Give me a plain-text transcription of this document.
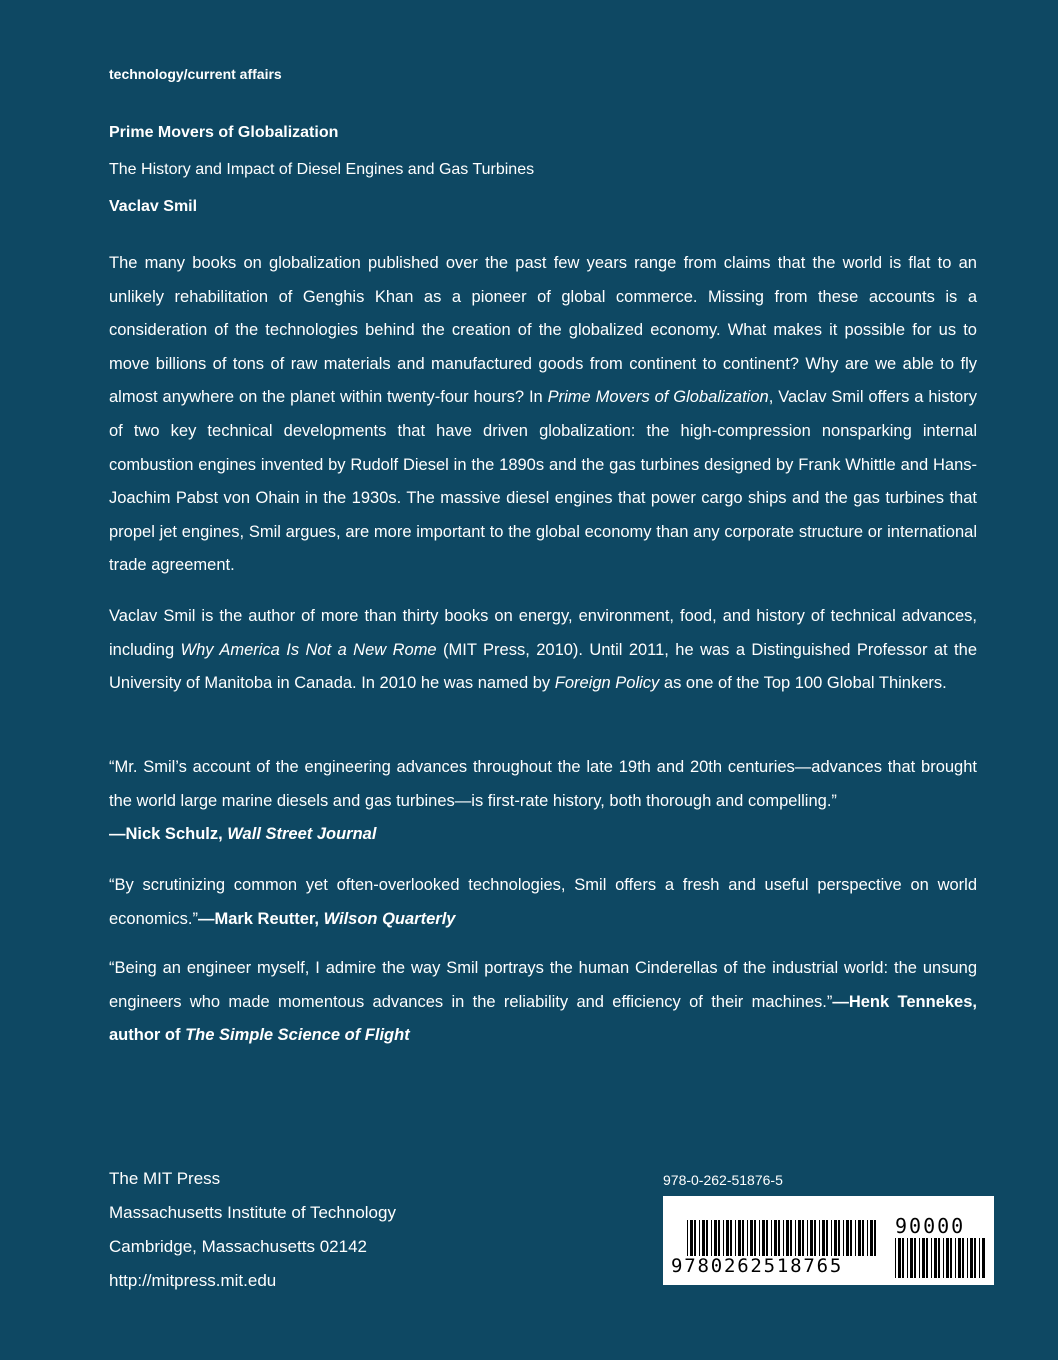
technology/current affairs
Prime Movers of Globalization
The History and Impact of Diesel Engines and Gas Turbines
Vaclav Smil
The many books on globalization published over the past few years range from claims that the world is flat to an unlikely rehabilitation of Genghis Khan as a pioneer of global commerce. Missing from these accounts is a consideration of the technologies behind the creation of the globalized economy. What makes it possible for us to move billions of tons of raw materials and manufactured goods from continent to continent? Why are we able to fly almost anywhere on the planet within twenty-four hours? In Prime Movers of Globalization, Vaclav Smil offers a history of two key technical developments that have driven globalization: the high-compression nonsparking internal combustion engines invented by Rudolf Diesel in the 1890s and the gas turbines designed by Frank Whittle and Hans-Joachim Pabst von Ohain in the 1930s. The massive diesel engines that power cargo ships and the gas turbines that propel jet engines, Smil argues, are more important to the global economy than any corporate structure or international trade agreement.
Vaclav Smil is the author of more than thirty books on energy, environment, food, and history of technical advances, including Why America Is Not a New Rome (MIT Press, 2010). Until 2011, he was a Distinguished Professor at the University of Manitoba in Canada. In 2010 he was named by Foreign Policy as one of the Top 100 Global Thinkers.
“Mr. Smil’s account of the engineering advances throughout the late 19th and 20th centuries—advances that brought the world large marine diesels and gas turbines—is first-rate history, both thorough and compelling.”
—Nick Schulz, Wall Street Journal
“By scrutinizing common yet often-overlooked technologies, Smil offers a fresh and useful perspective on world economics.”—Mark Reutter, Wilson Quarterly
“Being an engineer myself, I admire the way Smil portrays the human Cinderellas of the industrial world: the unsung engineers who made momentous advances in the reliability and efficiency of their machines.”—Henk Tennekes, author of The Simple Science of Flight
The MIT Press
Massachusetts Institute of Technology
Cambridge, Massachusetts 02142
http://mitpress.mit.edu
978-0-262-51876-5
9780262518765
90000
